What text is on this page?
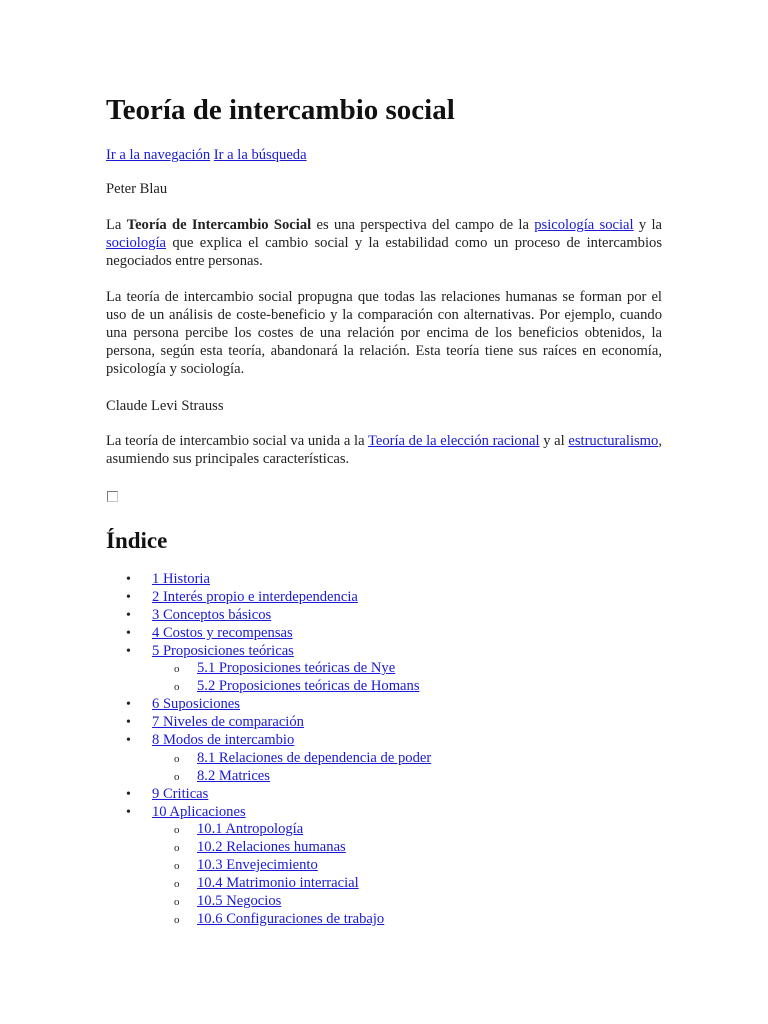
Teoría de intercambio social
Ir a la navegación Ir a la búsqueda

Peter Blau

La Teoría de Intercambio Social es una perspectiva del campo de la psicología social y la sociología que explica el cambio social y la estabilidad como un proceso de intercambios negociados entre personas.

La teoría de intercambio social propugna que todas las relaciones humanas se forman por el uso de un análisis de coste-beneficio y la comparación con alternativas. Por ejemplo, cuando una persona percibe los costes de una relación por encima de los beneficios obtenidos, la persona, según esta teoría, abandonará la relación. Esta teoría tiene sus raíces en economía, psicología y sociología.

Claude Levi Strauss

La teoría de intercambio social va unida a la Teoría de la elección racional y al estructuralismo, asumiendo sus principales características.

Índice
• 1 Historia
• 2 Interés propio e interdependencia
• 3 Conceptos básicos
• 4 Costos y recompensas
• 5 Proposiciones teóricas
o 5.1 Proposiciones teóricas de Nye
o 5.2 Proposiciones teóricas de Homans
• 6 Suposiciones
• 7 Niveles de comparación
• 8 Modos de intercambio
o 8.1 Relaciones de dependencia de poder
o 8.2 Matrices
• 9 Criticas
• 10 Aplicaciones
o 10.1 Antropología
o 10.2 Relaciones humanas
o 10.3 Envejecimiento
o 10.4 Matrimonio interracial
o 10.5 Negocios
o 10.6 Configuraciones de trabajo
